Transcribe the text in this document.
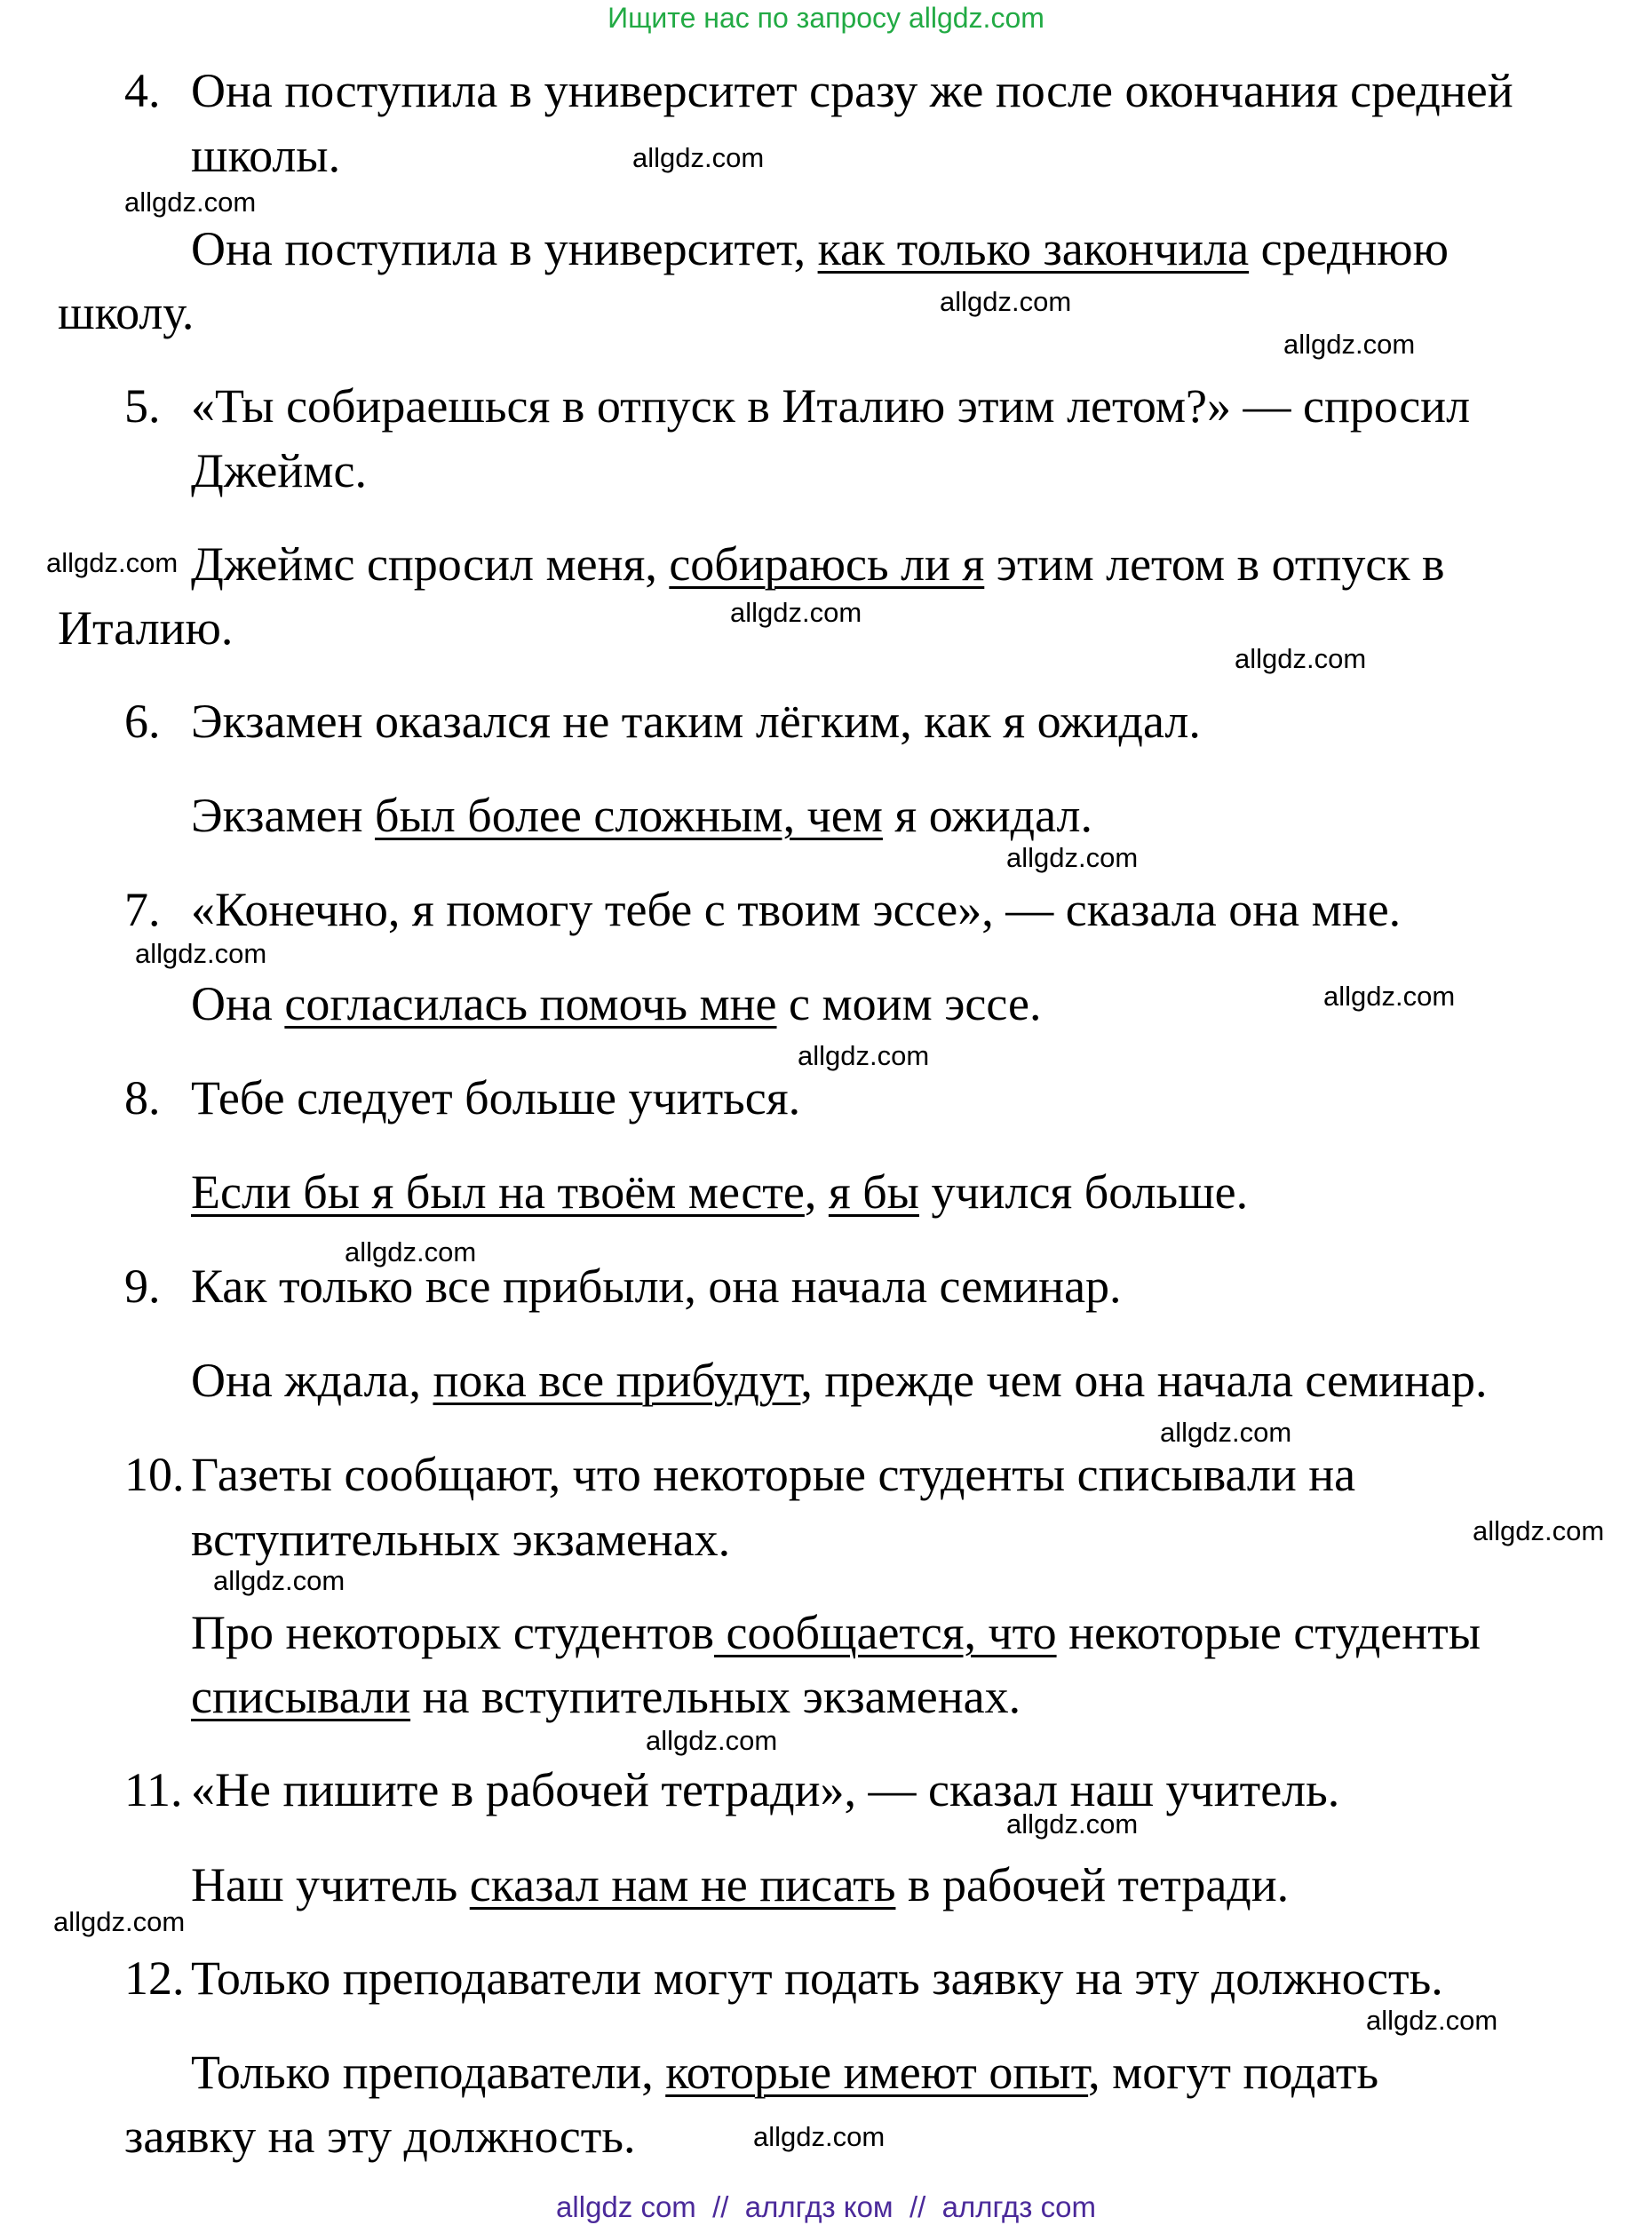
Ищите нас по запросу allgdz.com
4. Она поступила в университет сразу же после окончания средней
школы.
Она поступила в университет, как только закончила среднюю
школу.
5. «Ты собираешься в отпуск в Италию этим летом?» — спросил
Джеймс.
Джеймс спросил меня, собираюсь ли я этим летом в отпуск в
Италию.
6. Экзамен оказался не таким лёгким, как я ожидал.
Экзамен был более сложным, чем я ожидал.
7. «Конечно, я помогу тебе с твоим эссе», — сказала она мне.
Она согласилась помочь мне с моим эссе.
8. Тебе следует больше учиться.
Если бы я был на твоём месте, я бы учился больше.
9. Как только все прибыли, она начала семинар.
Она ждала, пока все прибудут, прежде чем она начала семинар.
10. Газеты сообщают, что некоторые студенты списывали на
вступительных экзаменах.
Про некоторых студентов сообщается, что некоторые студенты
списывали на вступительных экзаменах.
11. «Не пишите в рабочей тетради», — сказал наш учитель.
Наш учитель сказал нам не писать в рабочей тетради.
12. Только преподаватели могут подать заявку на эту должность.
Только преподаватели, которые имеют опыт, могут подать
заявку на эту должность.
allgdz.com
allgdz.com
allgdz.com
allgdz.com
allgdz.com
allgdz.com
allgdz.com
allgdz.com
allgdz.com
allgdz.com
allgdz.com
allgdz.com
allgdz.com
allgdz.com
allgdz.com
allgdz.com
allgdz.com
allgdz.com
allgdz.com
allgdz.com
allgdz com  //  аллгдз ком  //  аллгдз com
